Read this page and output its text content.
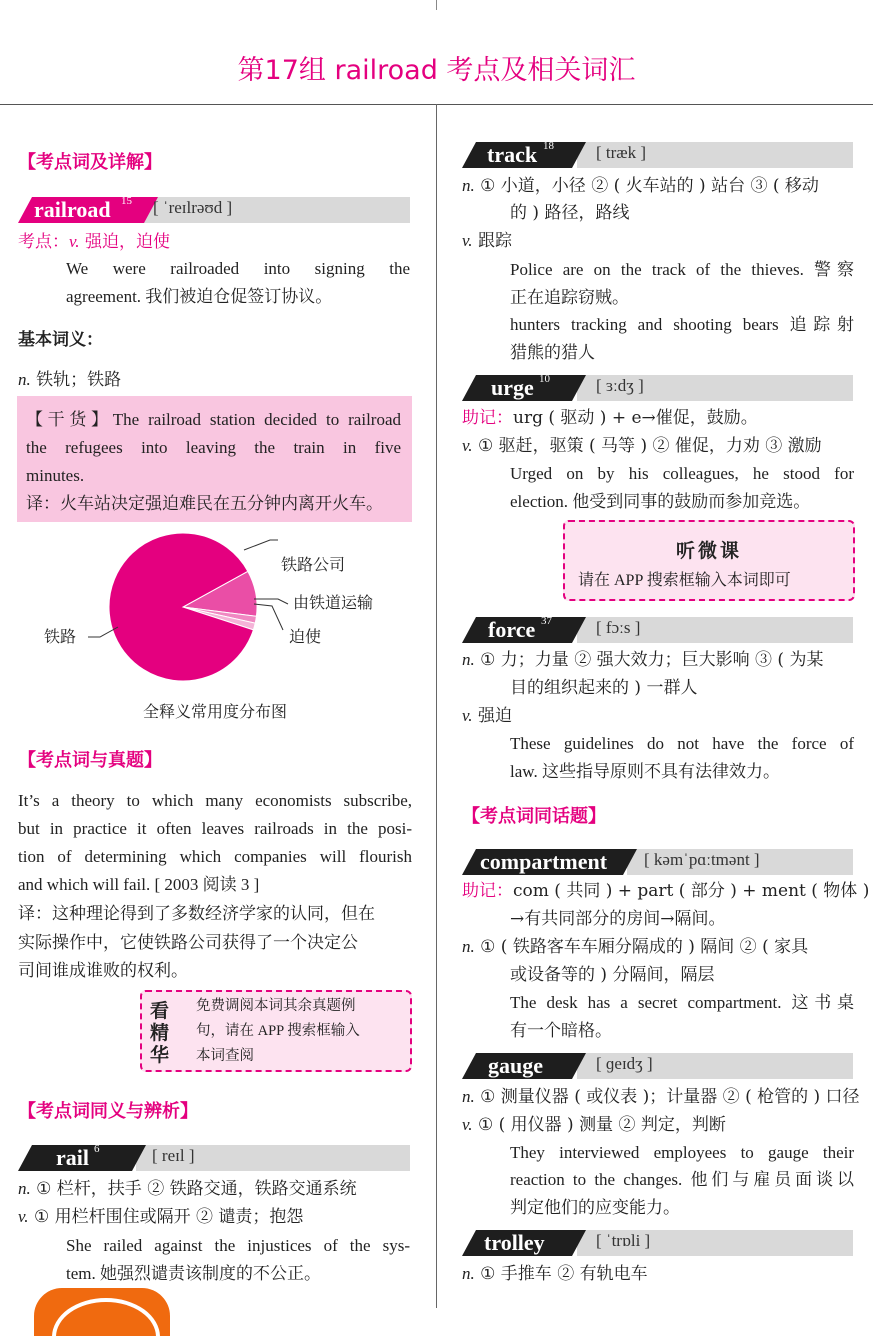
第17组 railroad 考点及相关词汇
【考点词及详解】
railroad 15 [ ˈreɪlrəʊd ]
考点：v. 强迫，迫使
We were railroaded into signing the
agreement. 我们被迫仓促签订协议。
基本词义：
n. 铁轨；铁路
【干货】The railroad station decided to railroad
the refugees into leaving the train in five
minutes.
译：火车站决定强迫难民在五分钟内离开火车。
铁路公司
由铁道运输
迫使
铁路
全释义常用度分布图
【考点词与真题】
It’s a theory to which many economists subscribe,
but in practice it often leaves railroads in the posi-
tion of determining which companies will flourish
and which will fail. [ 2003 阅读 3 ]
译：这种理论得到了多数经济学家的认同，但在
实际操作中，它使铁路公司获得了一个决定公
司间谁成谁败的权利。
看精华
免费调阅本词其余真题例
句，请在 APP 搜索框输入
本词查阅
【考点词同义与辨析】
rail 6	[ reɪl ]
n. ① 栏杆，扶手 ② 铁路交通，铁路交通系统
v. ① 用栏杆围住或隔开 ② 谴责；抱怨
She railed against the injustices of the sys-
tem. 她强烈谴责该制度的不公正。
track 18 [ træk ]
n. ① 小道，小径 ② ( 火车站的 ) 站台 ③ ( 移动
的 ) 路径，路线
v. 跟踪
Police are on the track of the thieves. 警察
正在追踪窃贼。
hunters tracking and shooting bears 追踪射
猎熊的猎人
urge 10	[ ɜːdʒ ]
助记：urg ( 驱动 ) + e→催促，鼓励。
v. ① 驱赶，驱策 ( 马等 ) ② 催促，力劝 ③ 激励
Urged on by his colleagues, he stood for
election. 他受到同事的鼓励而参加竞选。
听微课
请在 APP 搜索框输入本词即可
force 37	[ fɔːs ]
n. ① 力；力量 ② 强大效力；巨大影响 ③ ( 为某
目的组织起来的 ) 一群人
v. 强迫
These guidelines do not have the force of
law. 这些指导原则不具有法律效力。
【考点词同话题】
compartment [ kəmˈpɑːtmənt ]
助记：com ( 共同 ) + part ( 部分 ) + ment ( 物体 )
→有共同部分的房间→隔间。
n. ① ( 铁路客车车厢分隔成的 ) 隔间 ② ( 家具
或设备等的 ) 分隔间，隔层
The desk has a secret compartment. 这书桌
有一个暗格。
gauge	[ ɡeɪdʒ ]
n. ① 测量仪器 ( 或仪表 )；计量器 ② ( 枪管的 ) 口径
v. ① ( 用仪器 ) 测量 ② 判定，判断
They interviewed employees to gauge their
reaction to the changes. 他们与雇员面谈以
判定他们的应变能力。
trolley	[ ˈtrɒli ]
n. ① 手推车 ② 有轨电车
